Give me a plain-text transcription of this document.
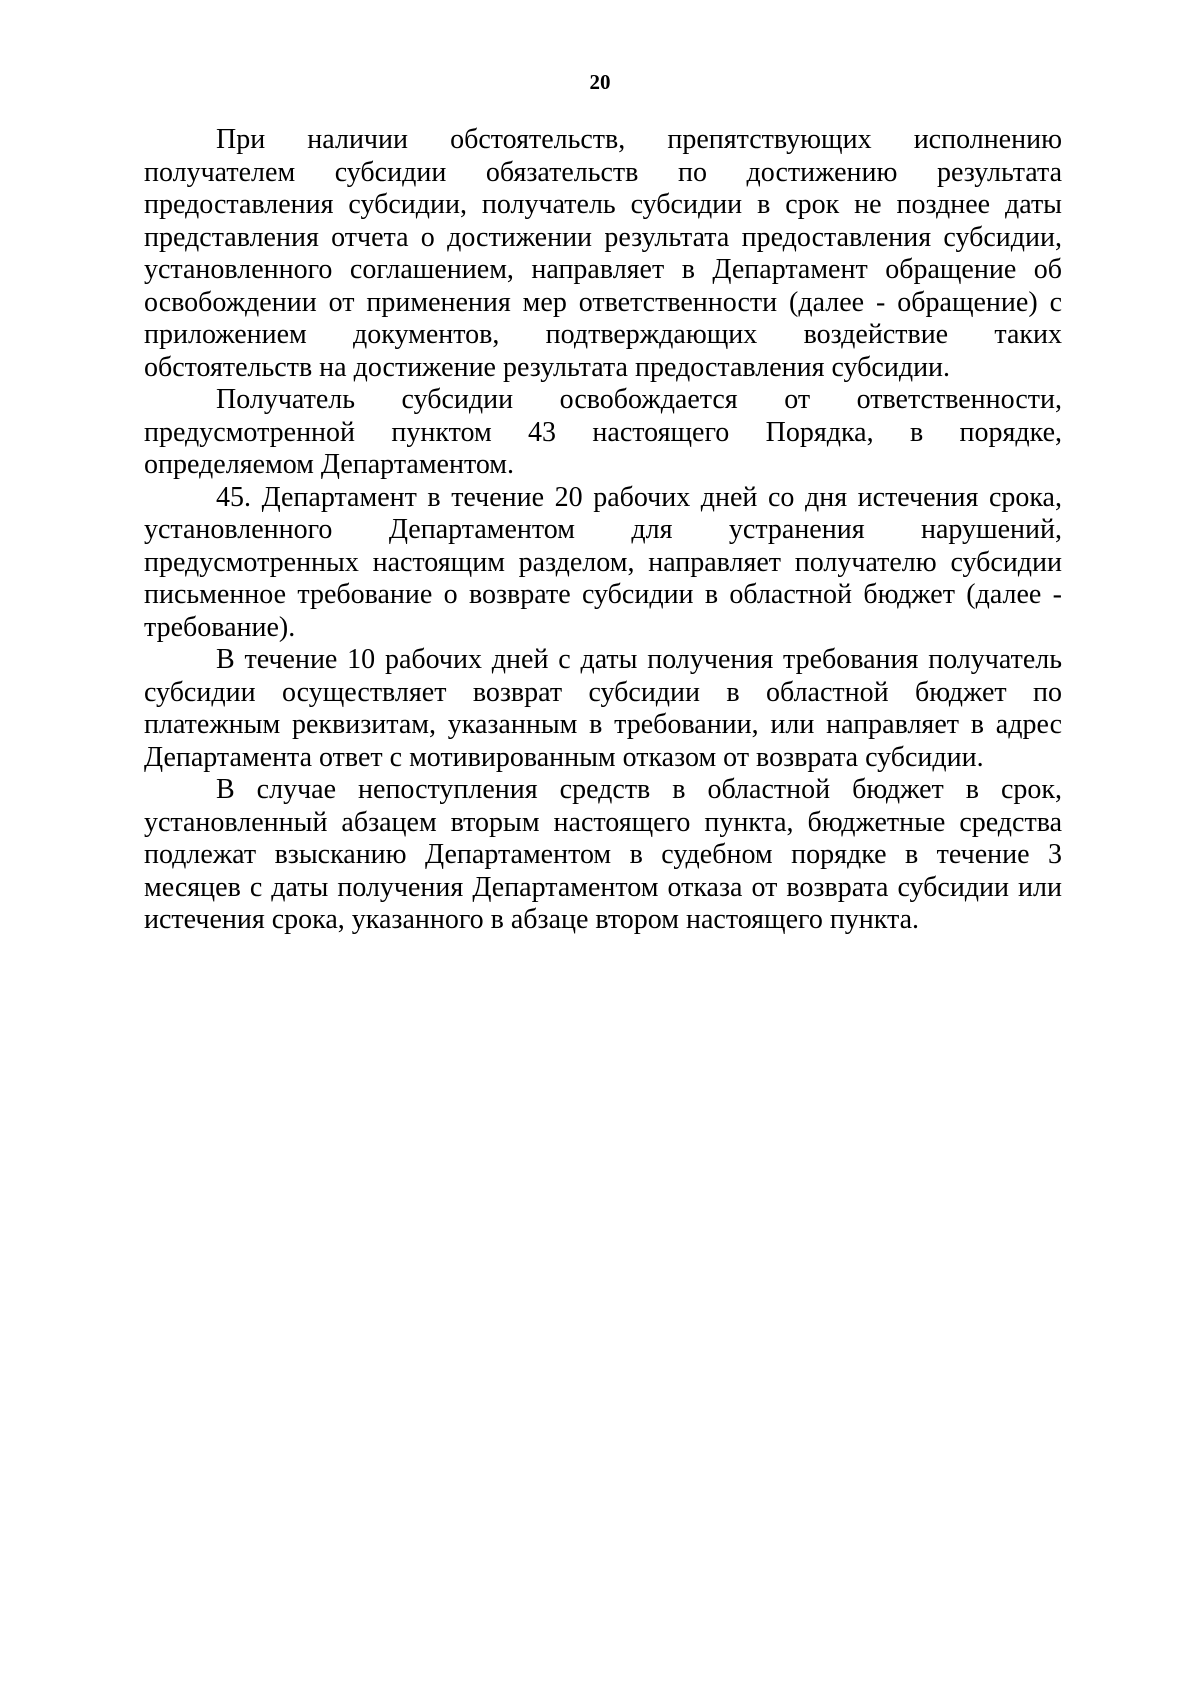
20

При наличии обстоятельств, препятствующих исполнению получателем субсидии обязательств по достижению результата предоставления субсидии, получатель субсидии в срок не позднее даты представления отчета о достижении результата предоставления субсидии, установленного соглашением, направляет в Департамент обращение об освобождении от применения мер ответственности (далее - обращение) с приложением документов, подтверждающих воздействие таких обстоятельств на достижение результата предоставления субсидии.

Получатель субсидии освобождается от ответственности, предусмотренной пунктом 43 настоящего Порядка, в порядке, определяемом Департаментом.

45. Департамент в течение 20 рабочих дней со дня истечения срока, установленного Департаментом для устранения нарушений, предусмотренных настоящим разделом, направляет получателю субсидии письменное требование о возврате субсидии в областной бюджет (далее - требование).

В течение 10 рабочих дней с даты получения требования получатель субсидии осуществляет возврат субсидии в областной бюджет по платежным реквизитам, указанным в требовании, или направляет в адрес Департамента ответ с мотивированным отказом от возврата субсидии.

В случае непоступления средств в областной бюджет в срок, установленный абзацем вторым настоящего пункта, бюджетные средства подлежат взысканию Департаментом в судебном порядке в течение 3 месяцев с даты получения Департаментом отказа от возврата субсидии или истечения срока, указанного в абзаце втором настоящего пункта.
